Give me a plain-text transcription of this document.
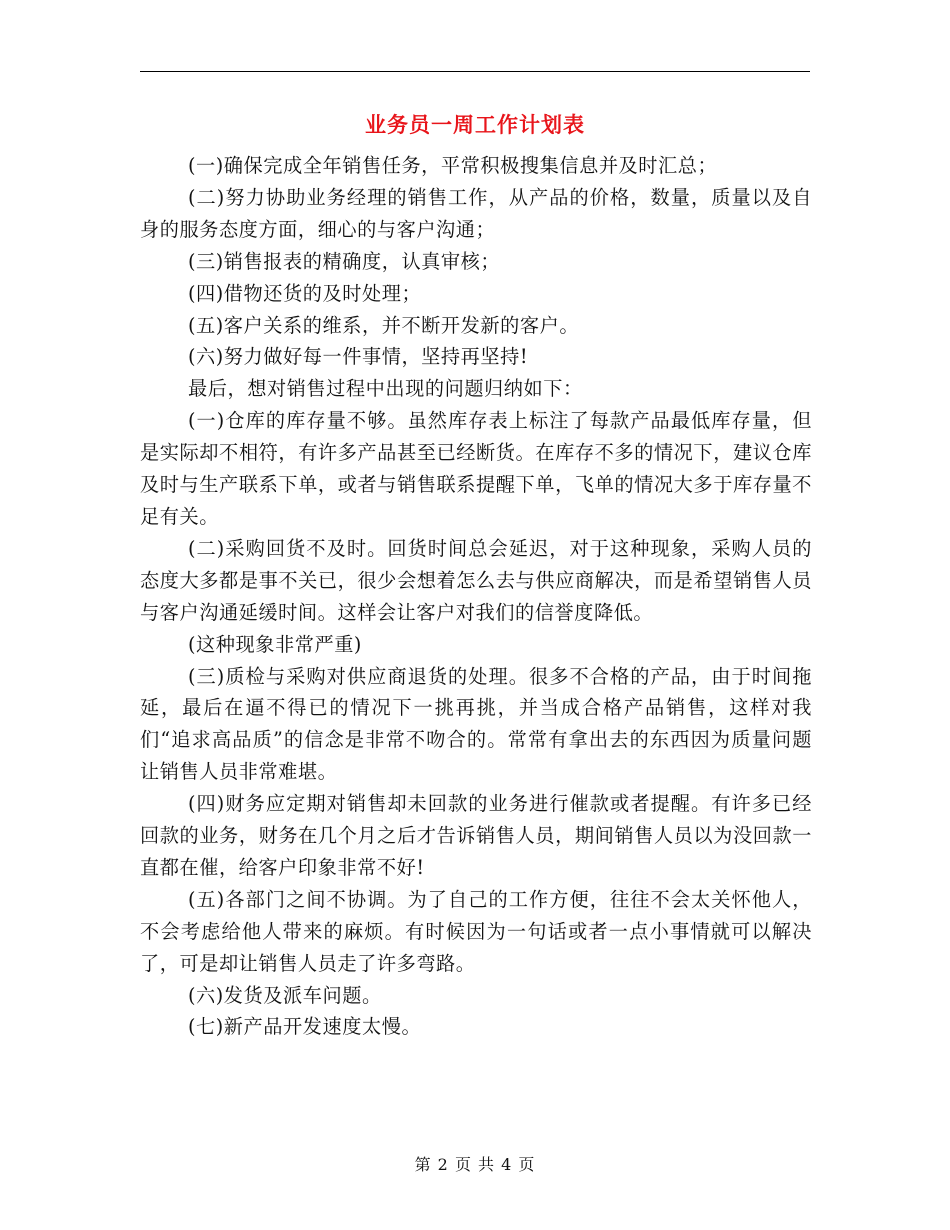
业务员一周工作计划表

(一)确保完成全年销售任务，平常积极搜集信息并及时汇总；

(二)努力协助业务经理的销售工作，从产品的价格，数量，质量以及自身的服务态度方面，细心的与客户沟通；

(三)销售报表的精确度，认真审核；

(四)借物还货的及时处理；

(五)客户关系的维系，并不断开发新的客户。

(六)努力做好每一件事情，坚持再坚持!

最后，想对销售过程中出现的问题归纳如下：

(一)仓库的库存量不够。虽然库存表上标注了每款产品最低库存量，但是实际却不相符，有许多产品甚至已经断货。在库存不多的情况下，建议仓库及时与生产联系下单，或者与销售联系提醒下单，飞单的情况大多于库存量不足有关。

(二)采购回货不及时。回货时间总会延迟，对于这种现象，采购人员的态度大多都是事不关已，很少会想着怎么去与供应商解决，而是希望销售人员与客户沟通延缓时间。这样会让客户对我们的信誉度降低。

(这种现象非常严重)

(三)质检与采购对供应商退货的处理。很多不合格的产品，由于时间拖延，最后在逼不得已的情况下一挑再挑，并当成合格产品销售，这样对我们“追求高品质”的信念是非常不吻合的。常常有拿出去的东西因为质量问题让销售人员非常难堪。

(四)财务应定期对销售却未回款的业务进行催款或者提醒。有许多已经回款的业务，财务在几个月之后才告诉销售人员，期间销售人员以为没回款一直都在催，给客户印象非常不好!

(五)各部门之间不协调。为了自己的工作方便，往往不会太关怀他人，不会考虑给他人带来的麻烦。有时候因为一句话或者一点小事情就可以解决了，可是却让销售人员走了许多弯路。

(六)发货及派车问题。

(七)新产品开发速度太慢。

第 2 页 共 4 页
